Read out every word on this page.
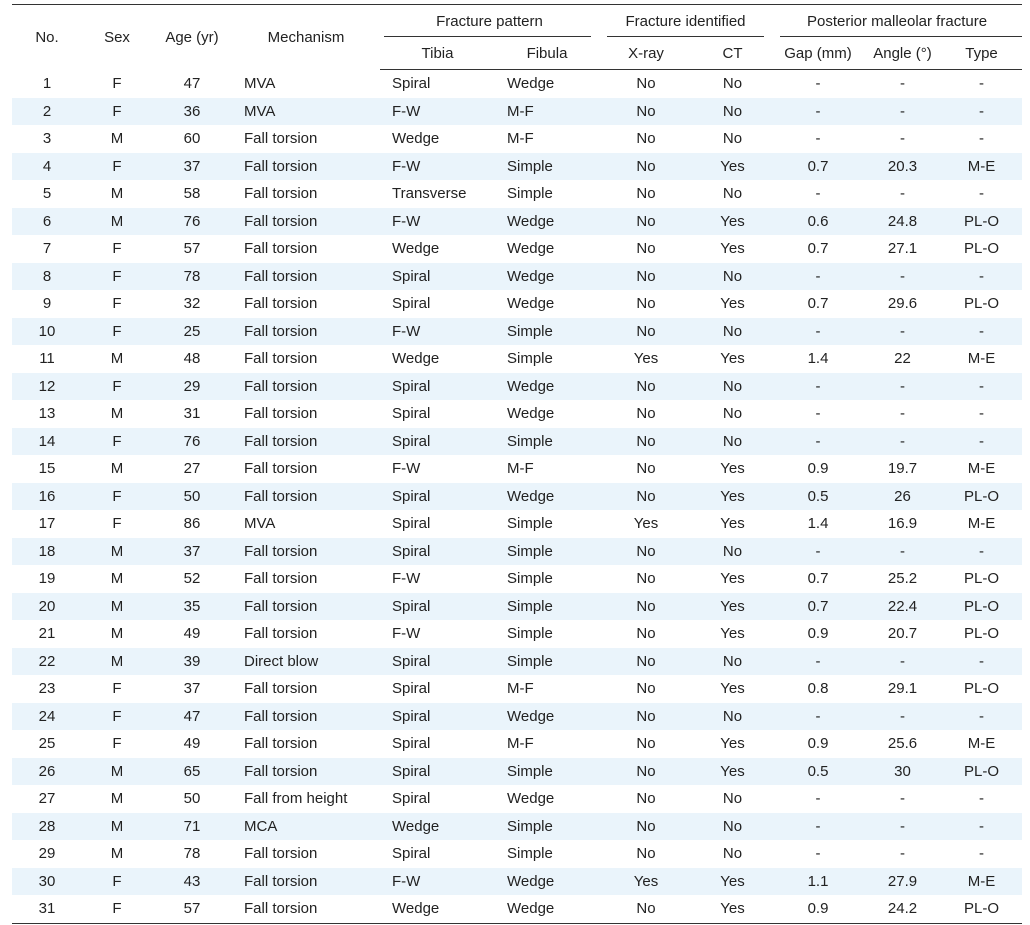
No.	Sex	Age (yr)	Mechanism	Fracture pattern		Fracture identified		Posterior malleolar fracture		

				Tibia	Fibula	X-ray	CT	Gap (mm)	Angle (°)	Type
1	F	47	MVA	Spiral	Wedge	No	No	-	-	-
2	F	36	MVA	F-W	M-F	No	No	-	-	-
3	M	60	Fall torsion	Wedge	M-F	No	No	-	-	-
4	F	37	Fall torsion	F-W	Simple	No	Yes	0.7	20.3	M-E
5	M	58	Fall torsion	Transverse	Simple	No	No	-	-	-
6	M	76	Fall torsion	F-W	Wedge	No	Yes	0.6	24.8	PL-O
7	F	57	Fall torsion	Wedge	Wedge	No	Yes	0.7	27.1	PL-O
8	F	78	Fall torsion	Spiral	Wedge	No	No	-	-	-
9	F	32	Fall torsion	Spiral	Wedge	No	Yes	0.7	29.6	PL-O
10	F	25	Fall torsion	F-W	Simple	No	No	-	-	-
11	M	48	Fall torsion	Wedge	Simple	Yes	Yes	1.4	22	M-E
12	F	29	Fall torsion	Spiral	Wedge	No	No	-	-	-
13	M	31	Fall torsion	Spiral	Wedge	No	No	-	-	-
14	F	76	Fall torsion	Spiral	Simple	No	No	-	-	-
15	M	27	Fall torsion	F-W	M-F	No	Yes	0.9	19.7	M-E
16	F	50	Fall torsion	Spiral	Wedge	No	Yes	0.5	26	PL-O
17	F	86	MVA	Spiral	Simple	Yes	Yes	1.4	16.9	M-E
18	M	37	Fall torsion	Spiral	Simple	No	No	-	-	-
19	M	52	Fall torsion	F-W	Simple	No	Yes	0.7	25.2	PL-O
20	M	35	Fall torsion	Spiral	Simple	No	Yes	0.7	22.4	PL-O
21	M	49	Fall torsion	F-W	Simple	No	Yes	0.9	20.7	PL-O
22	M	39	Direct blow	Spiral	Simple	No	No	-	-	-
23	F	37	Fall torsion	Spiral	M-F	No	Yes	0.8	29.1	PL-O
24	F	47	Fall torsion	Spiral	Wedge	No	No	-	-	-
25	F	49	Fall torsion	Spiral	M-F	No	Yes	0.9	25.6	M-E
26	M	65	Fall torsion	Spiral	Simple	No	Yes	0.5	30	PL-O
27	M	50	Fall from height	Spiral	Wedge	No	No	-	-	-
28	M	71	MCA	Wedge	Simple	No	No	-	-	-
29	M	78	Fall torsion	Spiral	Simple	No	No	-	-	-
30	F	43	Fall torsion	F-W	Wedge	Yes	Yes	1.1	27.9	M-E
31	F	57	Fall torsion	Wedge	Wedge	No	Yes	0.9	24.2	PL-O
